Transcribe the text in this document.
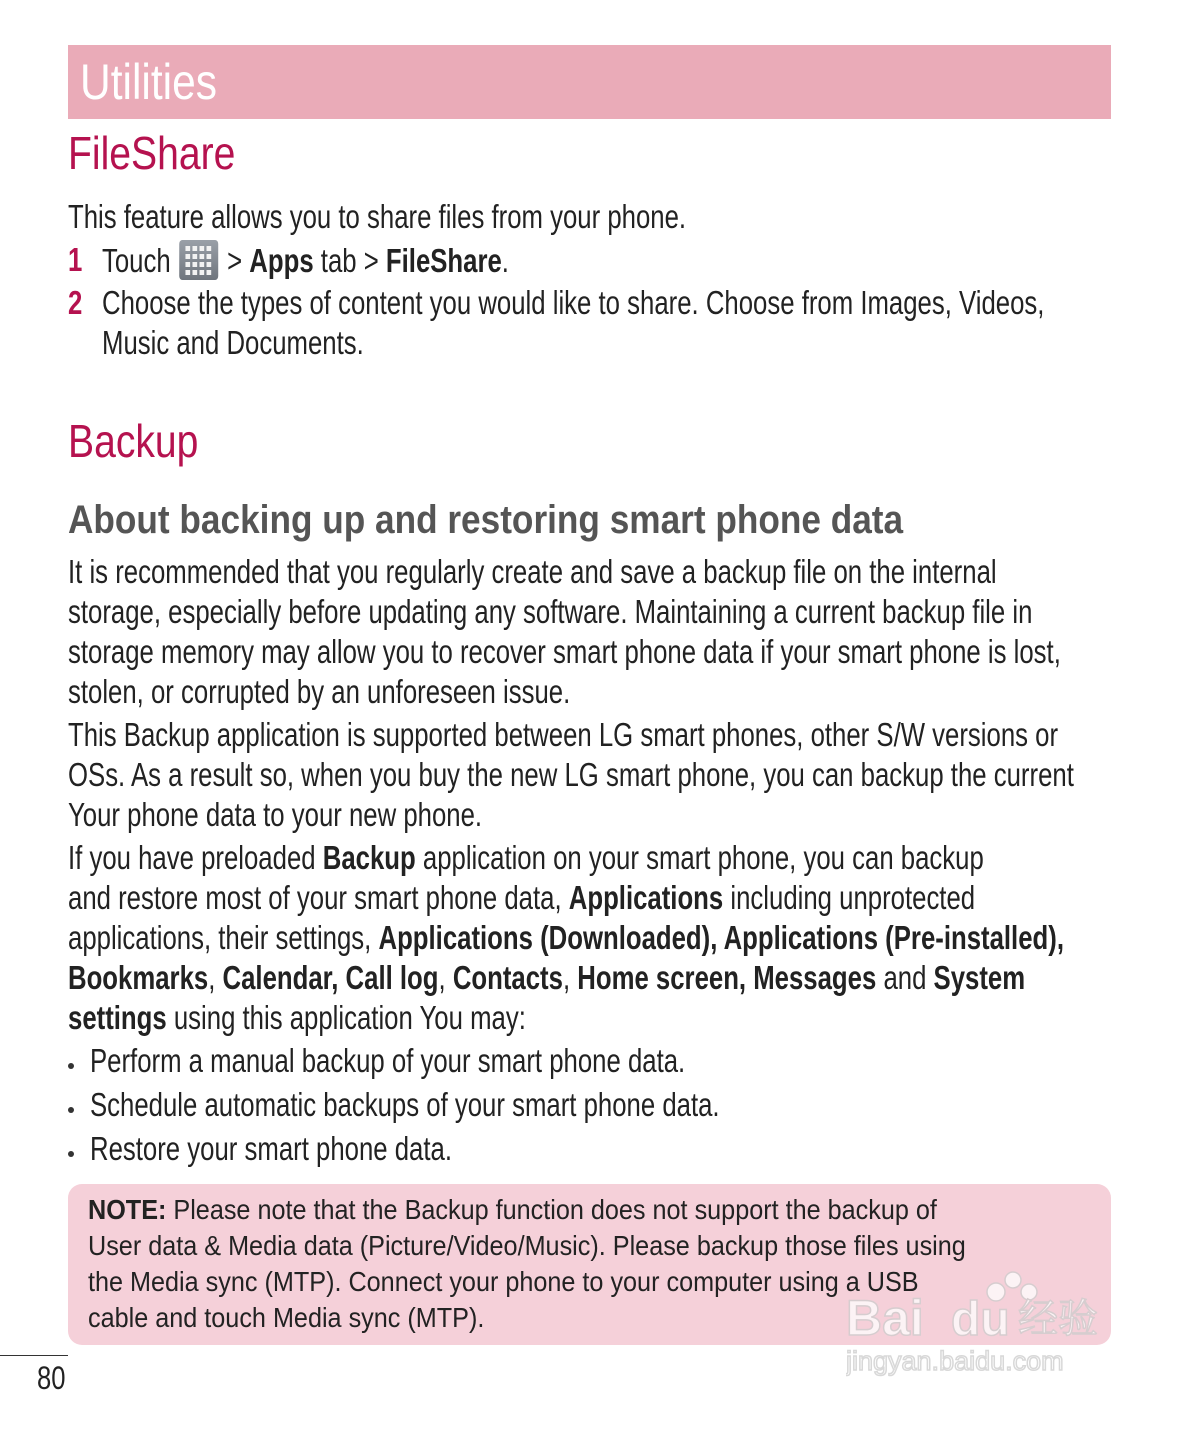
Utilities
FileShare
This feature allows you to share files from your phone.
1 Touch
> Apps tab > FileShare.
2 Choose the types of content you would like to share. Choose from Images, Videos,
Music and Documents.
Backup
About backing up and restoring smart phone data
It is recommended that you regularly create and save a backup file on the internal
storage, especially before updating any software. Maintaining a current backup file in
storage memory may allow you to recover smart phone data if your smart phone is lost,
stolen, or corrupted by an unforeseen issue.
This Backup application is supported between LG smart phones, other S/W versions or
OSs. As a result so, when you buy the new LG smart phone, you can backup the current
Your phone data to your new phone.
If you have preloaded Backup application on your smart phone, you can backup
and restore most of your smart phone data, Applications including unprotected
applications, their settings, Applications (Downloaded), Applications (Pre-installed),
Bookmarks, Calendar, Call log, Contacts, Home screen, Messages and System
settings using this application You may:
Perform a manual backup of your smart phone data.
Schedule automatic backups of your smart phone data.
Restore your smart phone data.
NOTE: Please note that the Backup function does not support the backup of
User data & Media data (Picture/Video/Music). Please backup those files using
the Media sync (MTP). Connect your phone to your computer using a USB
cable and touch Media sync (MTP).	Bai du 经验
jingyan.baidu.com
80
